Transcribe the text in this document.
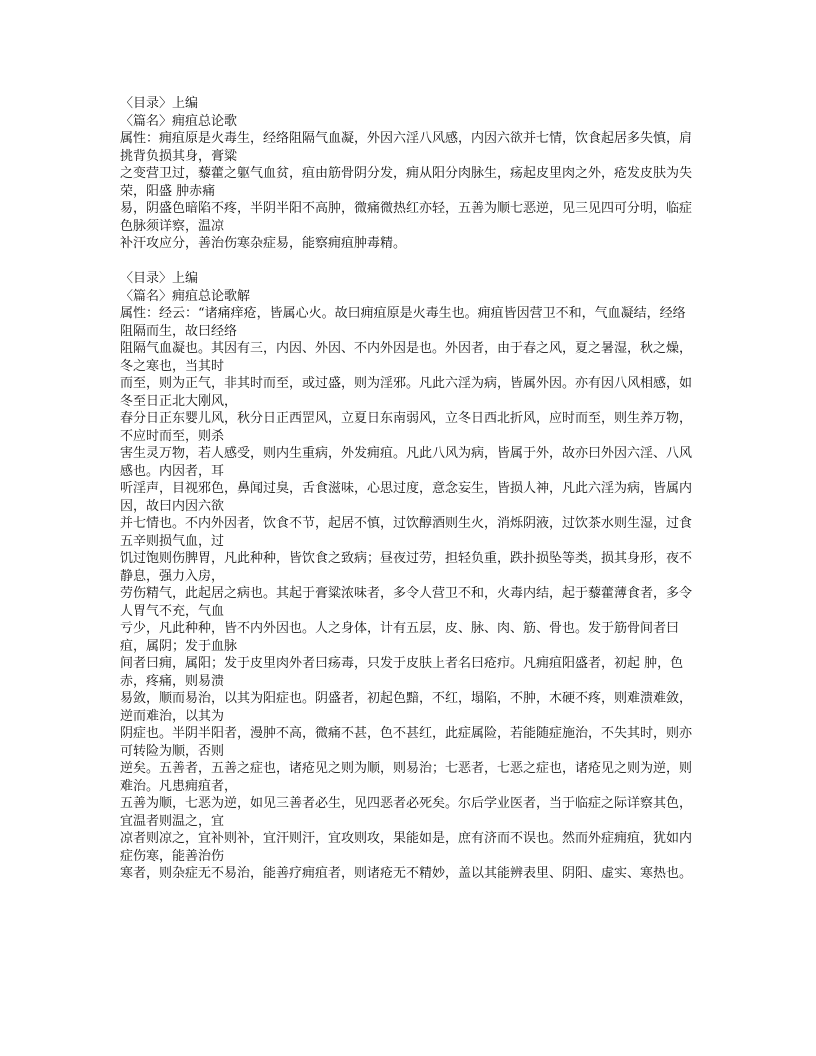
〈目录〉上编

〈篇名〉痈疽总论歌

属性：痈疽原是火毒生，经络阻隔气血凝，外因六淫八风感，内因六欲并七情，饮食起居多失慎，肩挑背负损其身，膏粱

之变营卫过，藜藿之躯气血贫，疽由筋骨阴分发，痈从阳分肉脉生，疡起皮里肉之外，疮发皮肤为失荣，阳盛 肿赤痛

易，阴盛色暗陷不疼，半阴半阳不高肿，微痛微热红亦轻，五善为顺七恶逆，见三见四可分明，临症色脉须详察，温凉

补汗攻应分，善治伤寒杂症易，能察痈疽肿毒精。

〈目录〉上编

〈篇名〉痈疽总论歌解

属性：经云：“诸痛痒疮，皆属心火。故曰痈疽原是火毒生也。痈疽皆因营卫不和，气血凝结，经络阻隔而生，故曰经络

阻隔气血凝也。其因有三，内因、外因、不内外因是也。外因者，由于春之风，夏之暑湿，秋之燥，冬之寒也，当其时

而至，则为正气，非其时而至，或过盛，则为淫邪。凡此六淫为病，皆属外因。亦有因八风相感，如冬至日正北大刚风，

春分日正东婴儿风，秋分日正西罡风，立夏日东南弱风，立冬日西北折风，应时而至，则生养万物，不应时而至，则杀

害生灵万物，若人感受，则内生重病，外发痈疽。凡此八风为病，皆属于外，故亦曰外因六淫、八风感也。内因者，耳

听淫声，目视邪色，鼻闻过臭，舌食滋味，心思过度，意念妄生，皆损人神，凡此六淫为病，皆属内因，故曰内因六欲

并七情也。不内外因者，饮食不节，起居不慎，过饮醇酒则生火，消烁阴液，过饮茶水则生湿，过食五辛则损气血，过

饥过饱则伤脾胃，凡此种种，皆饮食之致病；昼夜过劳，担轻负重，跌扑损坠等类，损其身形，夜不静息，强力入房，

劳伤精气，此起居之病也。其起于膏粱浓味者，多令人营卫不和，火毒内结，起于藜藿薄食者，多令人胃气不充，气血

亏少，凡此种种，皆不内外因也。人之身体，计有五层，皮、脉、肉、筋、骨也。发于筋骨间者曰疽，属阴；发于血脉

间者曰痈，属阳；发于皮里肉外者曰疡毒，只发于皮肤上者名曰疮疖。凡痈疽阳盛者，初起 肿，色赤，疼痛，则易溃

易敛，顺而易治，以其为阳症也。阴盛者，初起色黯，不红，塌陷，不肿，木硬不疼，则难溃难敛，逆而难治，以其为

阴症也。半阴半阳者，漫肿不高，微痛不甚，色不甚红，此症属险，若能随症施治，不失其时，则亦可转险为顺，否则

逆矣。五善者，五善之症也，诸疮见之则为顺，则易治；七恶者，七恶之症也，诸疮见之则为逆，则难治。凡患痈疽者，

五善为顺，七恶为逆，如见三善者必生，见四恶者必死矣。尔后学业医者，当于临症之际详察其色，宜温者则温之，宜

凉者则凉之，宜补则补，宜汗则汗，宜攻则攻，果能如是，庶有济而不误也。然而外症痈疽，犹如内症伤寒，能善治伤

寒者，则杂症无不易治，能善疗痈疽者，则诸疮无不精妙，盖以其能辨表里、阴阳、虚实、寒热也。
